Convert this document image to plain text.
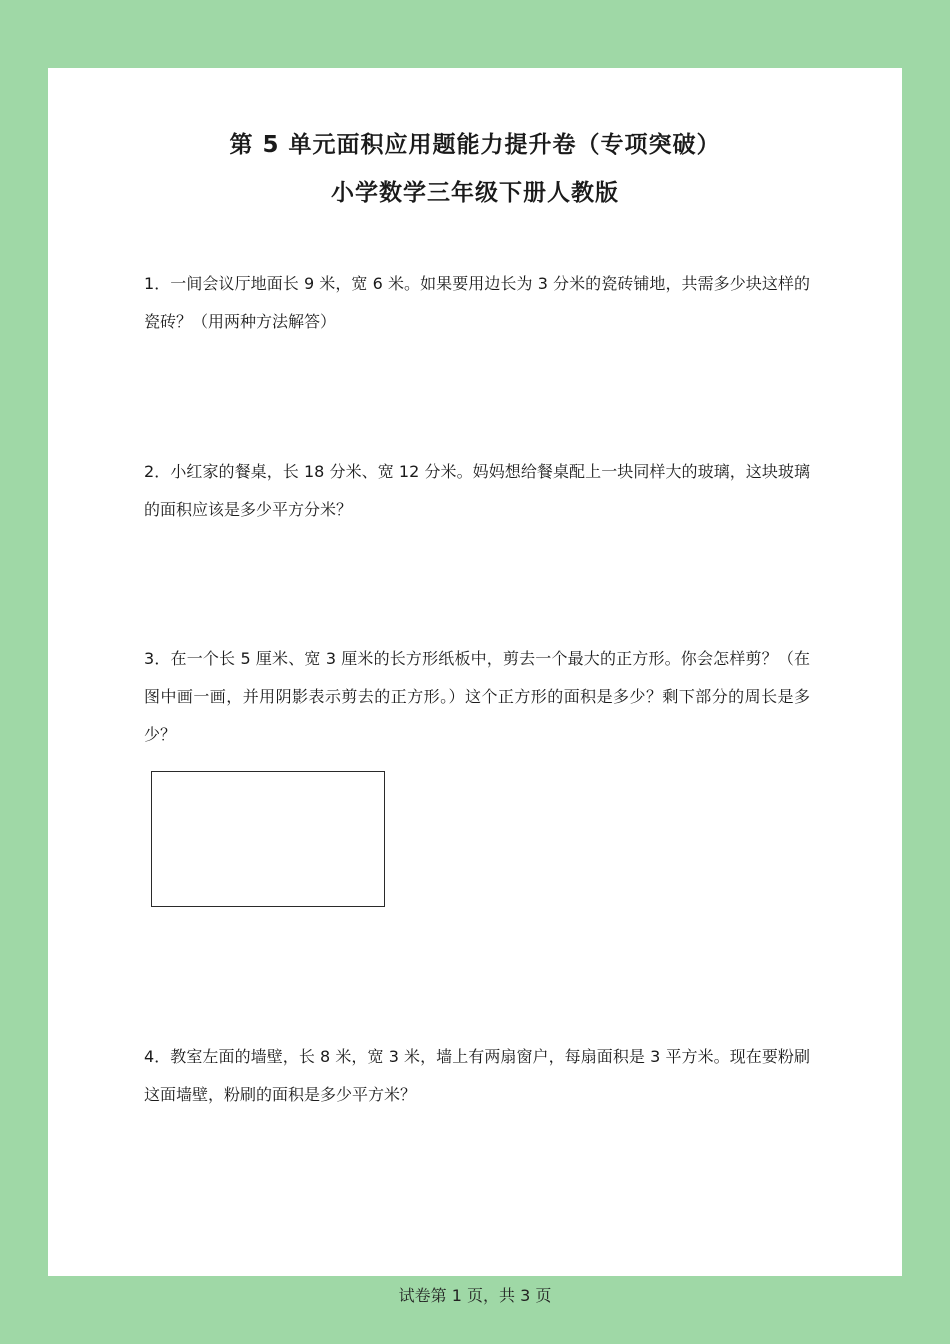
第 5 单元面积应用题能力提升卷（专项突破）
小学数学三年级下册人教版

1．一间会议厅地面长 9 米，宽 6 米。如果要用边长为 3 分米的瓷砖铺地，共需多少块这样的瓷砖？（用两种方法解答）

2．小红家的餐桌，长 18 分米、宽 12 分米。妈妈想给餐桌配上一块同样大的玻璃，这块玻璃的面积应该是多少平方分米？

3．在一个长 5 厘米、宽 3 厘米的长方形纸板中，剪去一个最大的正方形。你会怎样剪？（在图中画一画，并用阴影表示剪去的正方形。）这个正方形的面积是多少？剩下部分的周长是多少？

4．教室左面的墙壁，长 8 米，宽 3 米，墙上有两扇窗户，每扇面积是 3 平方米。现在要粉刷这面墙壁，粉刷的面积是多少平方米？

试卷第 1 页，共 3 页
